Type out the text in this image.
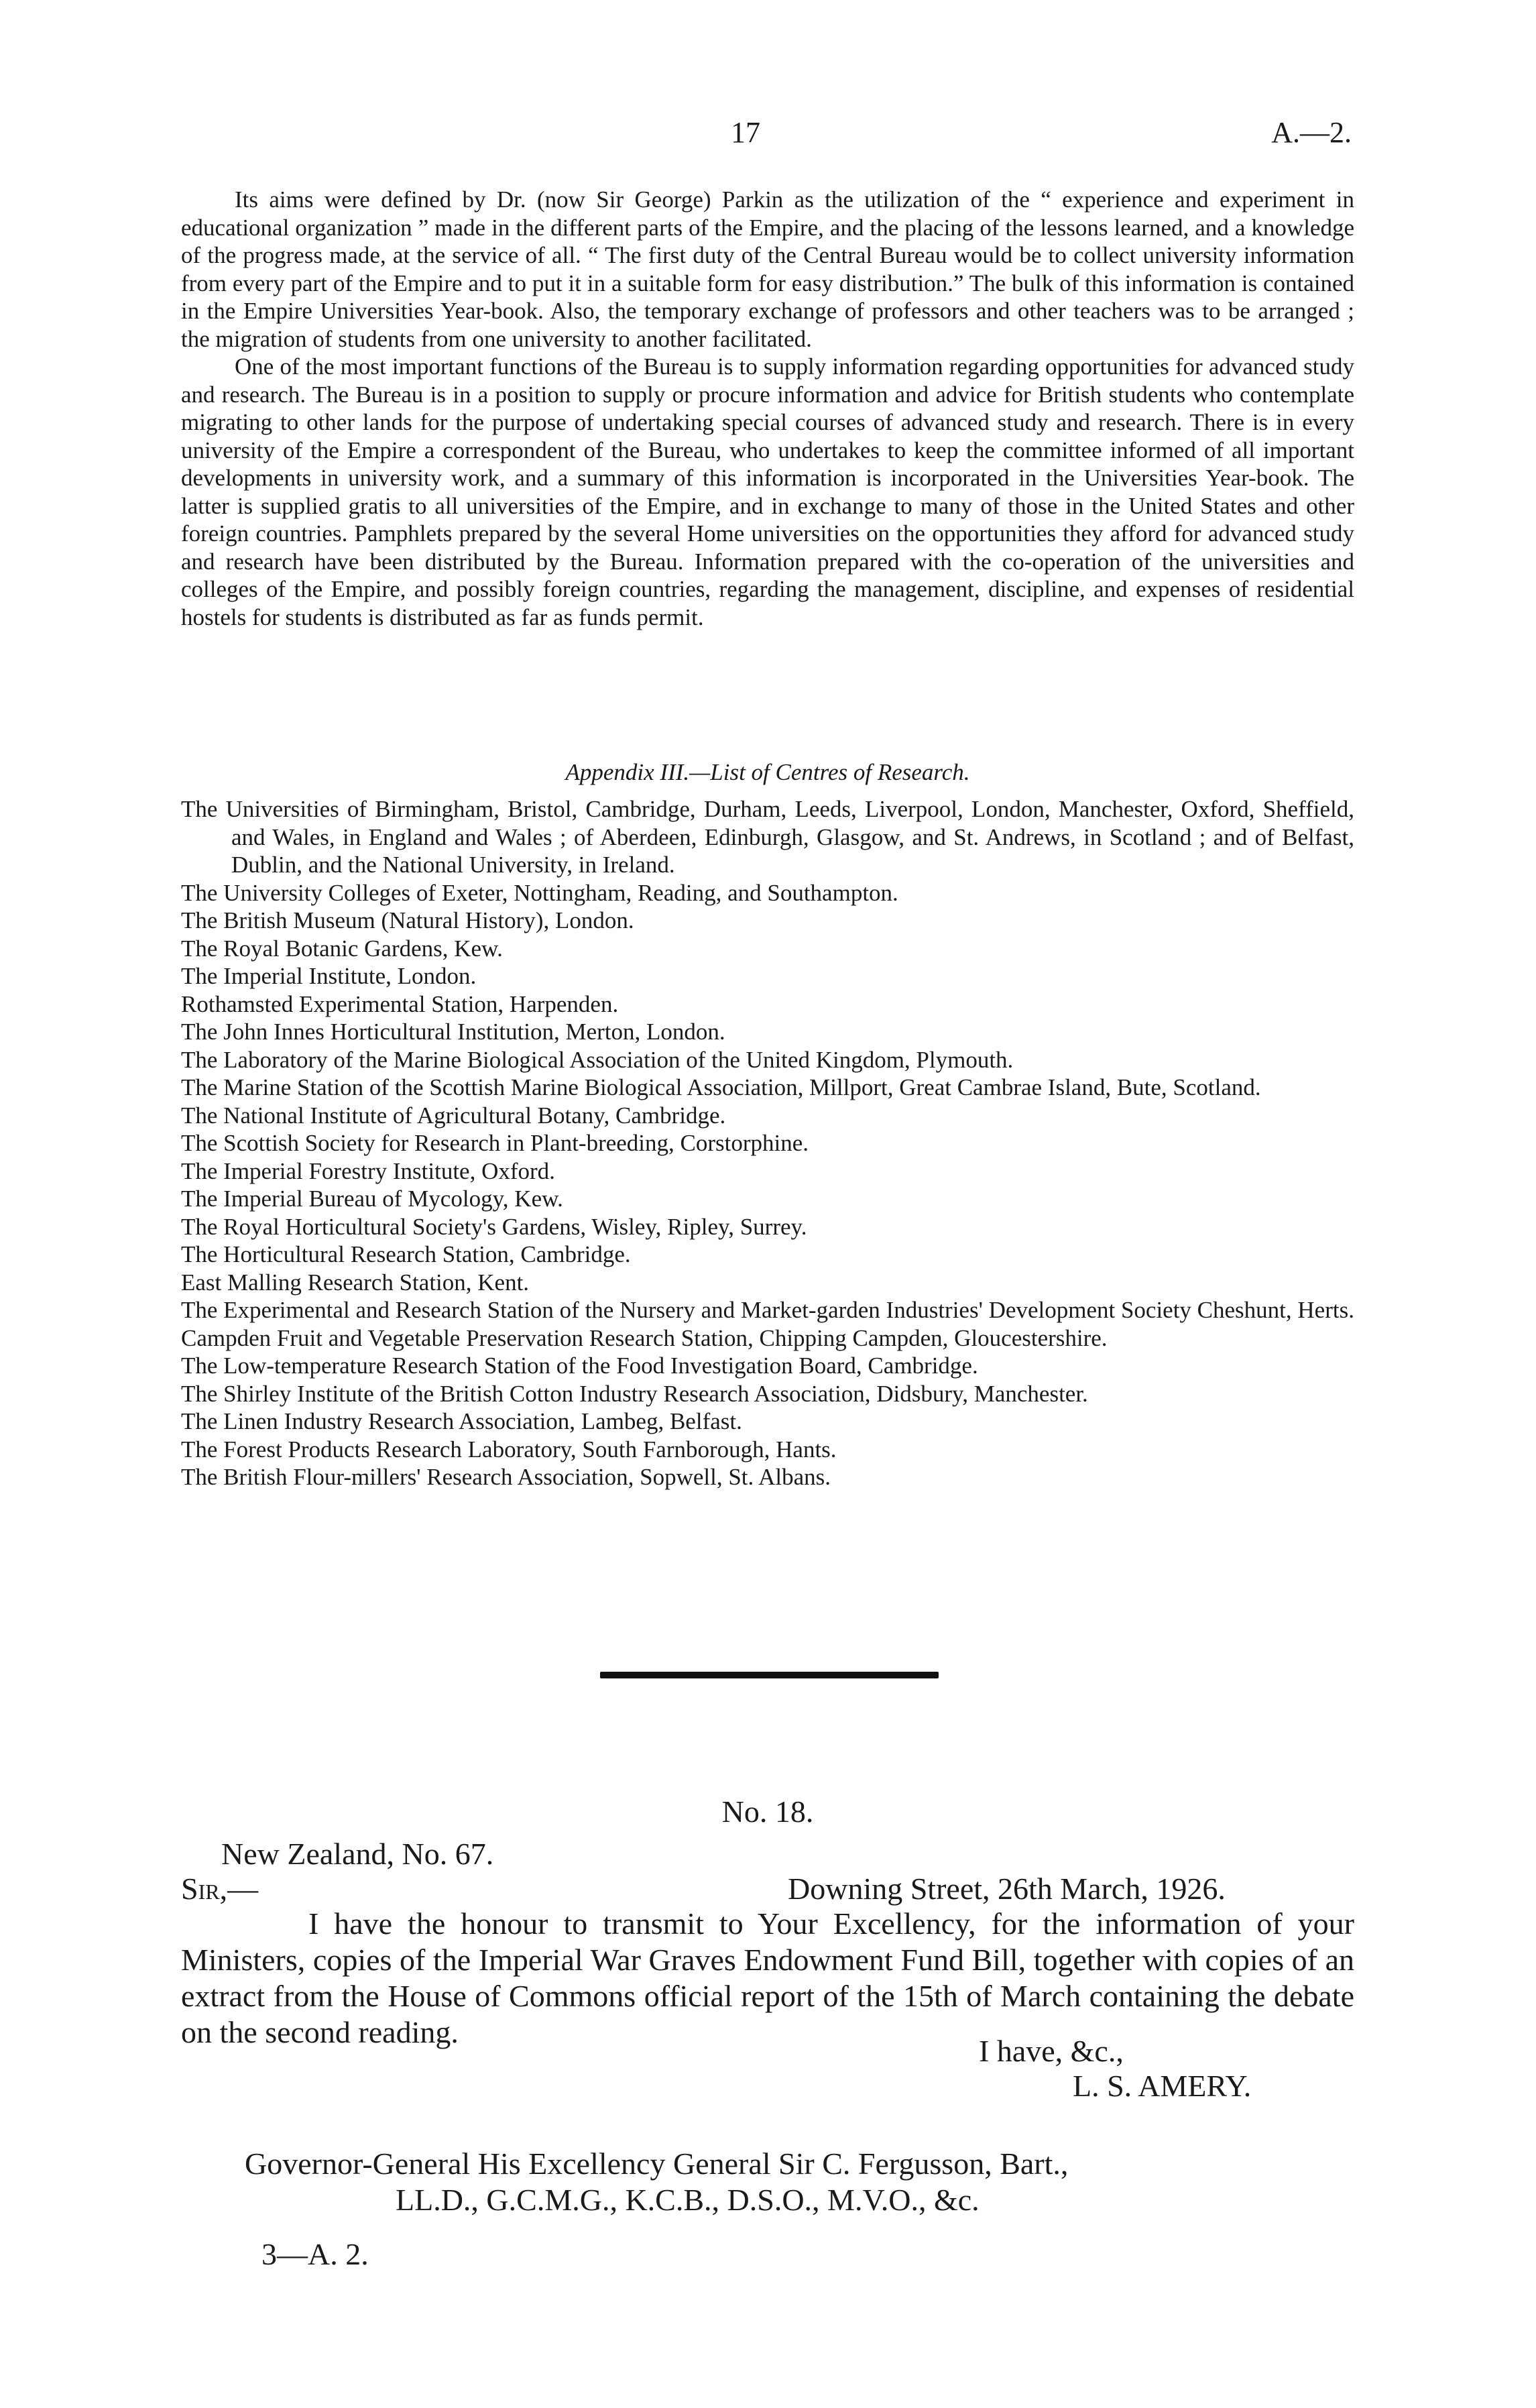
17	A.—2.

Its aims were defined by Dr. (now Sir George) Parkin as the utilization of the “ experience and experiment in educational organization ” made in the different parts of the Empire, and the placing of the lessons learned, and a knowledge of the progress made, at the service of all. “ The first duty of the Central Bureau would be to collect university information from every part of the Empire and to put it in a suitable form for easy distribution.” The bulk of this information is contained in the Empire Universities Year-book. Also, the temporary exchange of professors and other teachers was to be arranged ; the migration of students from one university to another facilitated.

One of the most important functions of the Bureau is to supply information regarding opportunities for advanced study and research. The Bureau is in a position to supply or procure information and advice for British students who contemplate migrating to other lands for the purpose of undertaking special courses of advanced study and research. There is in every university of the Empire a correspondent of the Bureau, who undertakes to keep the committee informed of all important developments in university work, and a summary of this information is incorporated in the Universities Year-book. The latter is supplied gratis to all universities of the Empire, and in exchange to many of those in the United States and other foreign countries. Pamphlets prepared by the several Home universities on the opportunities they afford for advanced study and research have been distributed by the Bureau. Information prepared with the co-operation of the universities and colleges of the Empire, and possibly foreign countries, regarding the management, discipline, and expenses of residential hostels for students is distributed as far as funds permit.

Appendix III.—List of Centres of Research.
The Universities of Birmingham, Bristol, Cambridge, Durham, Leeds, Liverpool, London, Manchester, Oxford, Sheffield, and Wales, in England and Wales ; of Aberdeen, Edinburgh, Glasgow, and St. Andrews, in Scotland ; and of Belfast, Dublin, and the National University, in Ireland.
The University Colleges of Exeter, Nottingham, Reading, and Southampton.
The British Museum (Natural History), London.
The Royal Botanic Gardens, Kew.
The Imperial Institute, London.
Rothamsted Experimental Station, Harpenden.
The John Innes Horticultural Institution, Merton, London.
The Laboratory of the Marine Biological Association of the United Kingdom, Plymouth.
The Marine Station of the Scottish Marine Biological Association, Millport, Great Cambrae Island, Bute, Scotland.
The National Institute of Agricultural Botany, Cambridge.
The Scottish Society for Research in Plant-breeding, Corstorphine.
The Imperial Forestry Institute, Oxford.
The Imperial Bureau of Mycology, Kew.
The Royal Horticultural Society's Gardens, Wisley, Ripley, Surrey.
The Horticultural Research Station, Cambridge.
East Malling Research Station, Kent.
The Experimental and Research Station of the Nursery and Market-garden Industries' Development Society Cheshunt, Herts.
Campden Fruit and Vegetable Preservation Research Station, Chipping Campden, Gloucestershire.
The Low-temperature Research Station of the Food Investigation Board, Cambridge.
The Shirley Institute of the British Cotton Industry Research Association, Didsbury, Manchester.
The Linen Industry Research Association, Lambeg, Belfast.
The Forest Products Research Laboratory, South Farnborough, Hants.
The British Flour-millers' Research Association, Sopwell, St. Albans.
No. 18.
New Zealand, No. 67.
Sir,—	Downing Street, 26th March, 1926.

I have the honour to transmit to Your Excellency, for the information of your Ministers, copies of the Imperial War Graves Endowment Fund Bill, together with copies of an extract from the House of Commons official report of the 15th of March containing the debate on the second reading.

I have, &c.,
L. S. AMERY.
Governor-General His Excellency General Sir C. Fergusson, Bart.,
LL.D., G.C.M.G., K.C.B., D.S.O., M.V.O., &c.
3—A. 2.
